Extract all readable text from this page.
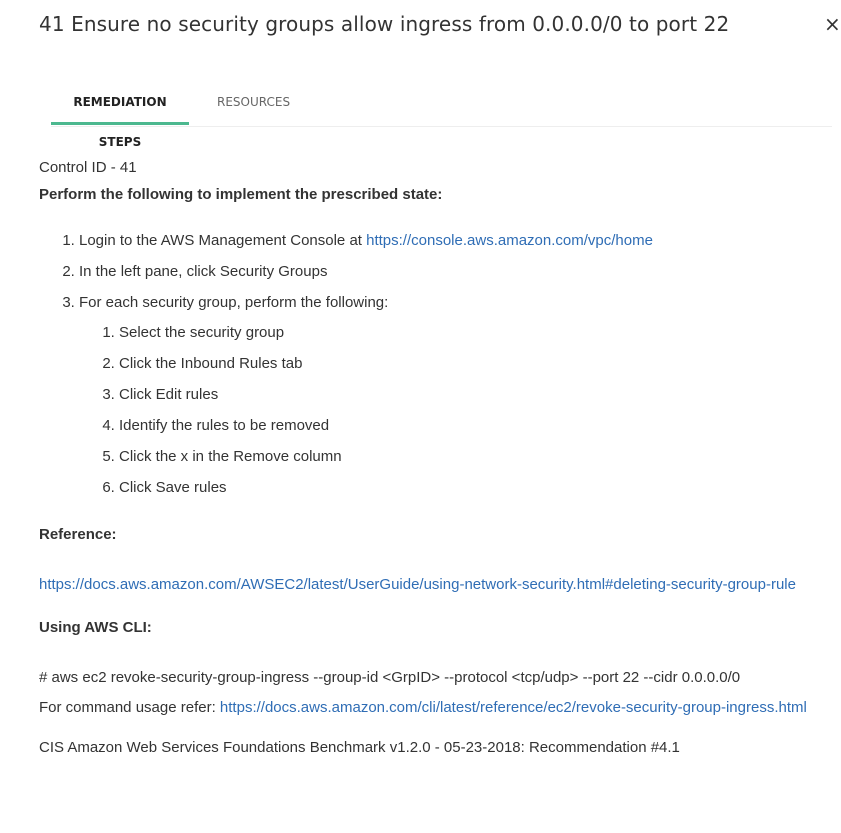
41 Ensure no security groups allow ingress from 0.0.0.0/0 to port 22	×
REMEDIATION STEPS
RESOURCES
Control ID - 41
Perform the following to implement the prescribed state:
1. Login to the AWS Management Console at https://console.aws.amazon.com/vpc/home
2. In the left pane, click Security Groups
3. For each security group, perform the following:
1. Select the security group
2. Click the Inbound Rules tab
3. Click Edit rules
4. Identify the rules to be removed
5. Click the x in the Remove column
6. Click Save rules
Reference:
https://docs.aws.amazon.com/AWSEC2/latest/UserGuide/using-network-security.html#deleting-security-group-rule
Using AWS CLI:
# aws ec2 revoke-security-group-ingress --group-id <GrpID> --protocol <tcp/udp> --port 22 --cidr 0.0.0.0/0
For command usage refer: https://docs.aws.amazon.com/cli/latest/reference/ec2/revoke-security-group-ingress.html
CIS Amazon Web Services Foundations Benchmark v1.2.0 - 05-23-2018: Recommendation #4.1
